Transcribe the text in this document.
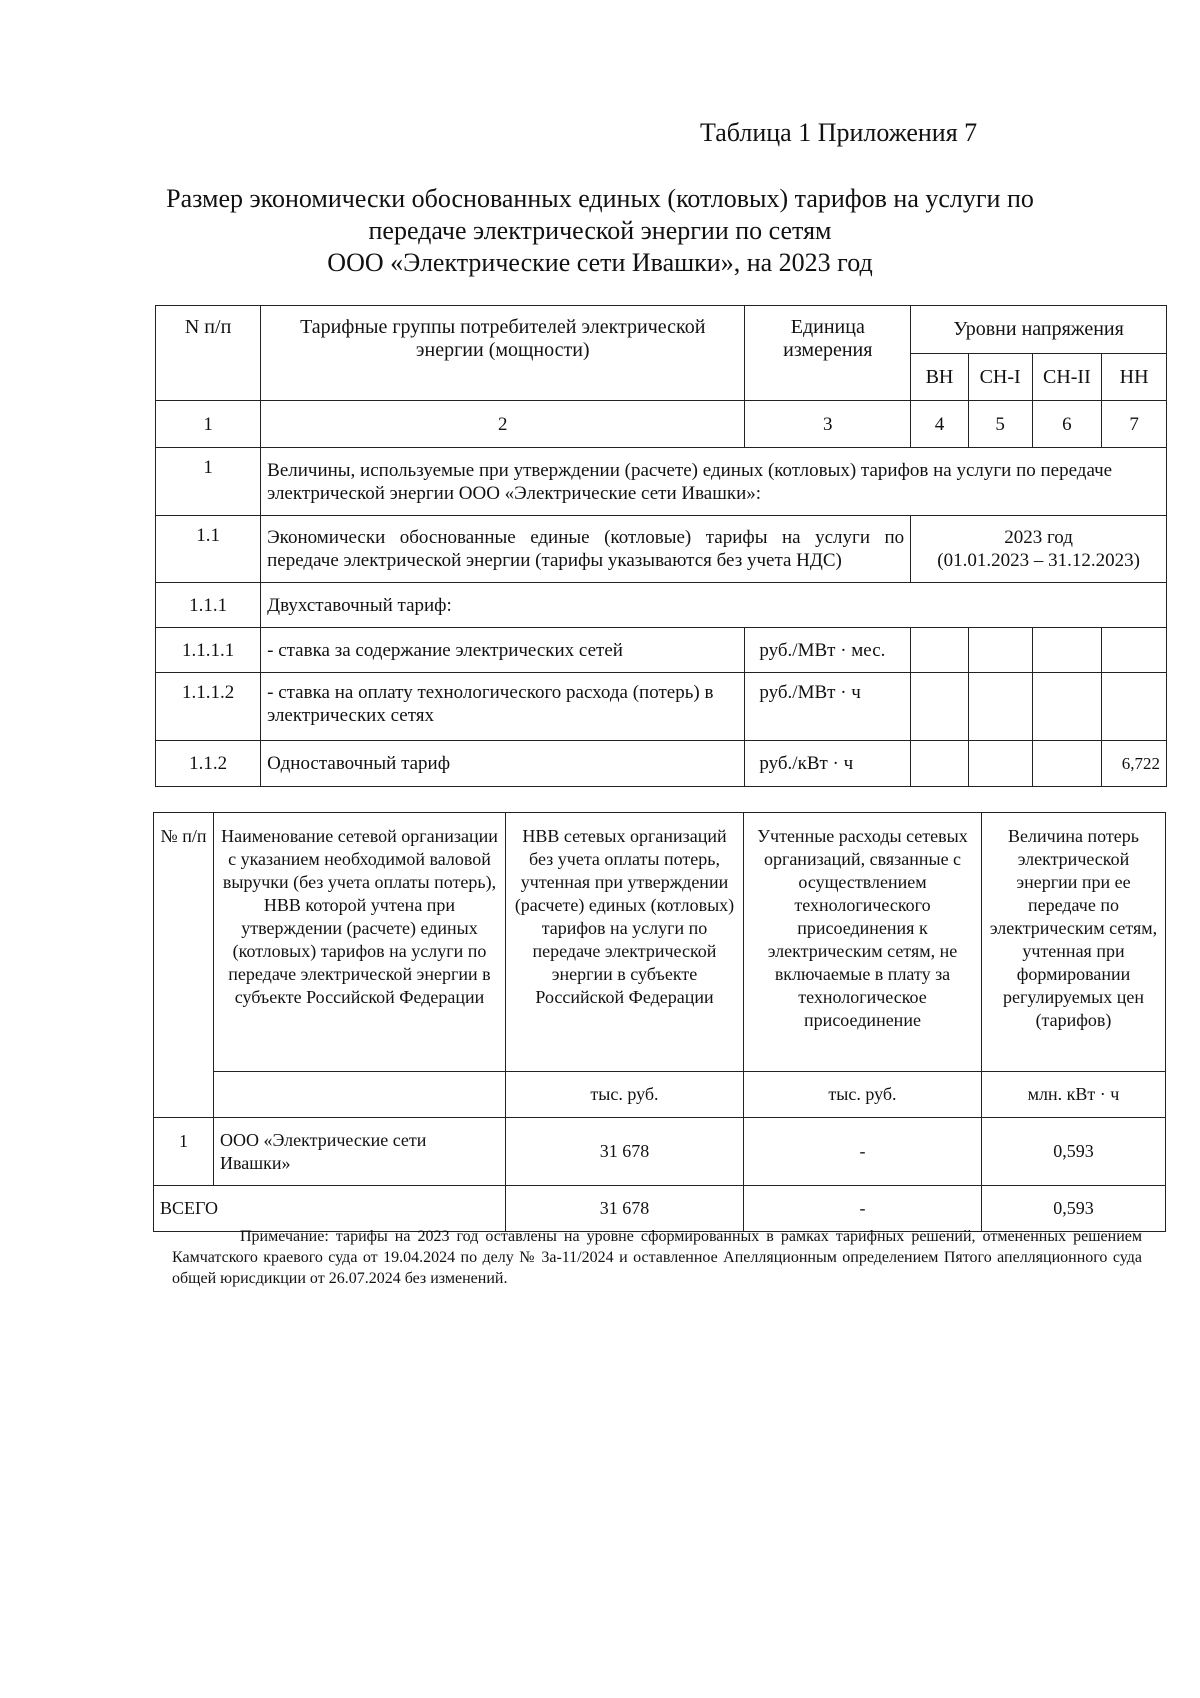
Таблица 1 Приложения 7
Размер экономически обоснованных единых (котловых) тарифов на услуги по
передаче электрической энергии по сетям
ООО «Электрические сети Ивашки», на 2023 год
N п/п	Тарифные группы потребителей электрической энергии (мощности)	Единица измерения	Уровни напряжения			
			ВН	СН-I	СН-II	НН
1	2	3	4	5	6	7
1	Величины, используемые при утверждении (расчете) единых (котловых) тарифов на услуги по передаче электрической энергии ООО «Электрические сети Ивашки»:					
1.1	Экономически обоснованные единые (котловые) тарифы на услуги по передаче электрической энергии (тарифы указываются без учета НДС)		2023 год
(01.01.2023 – 31.12.2023)			

1.1.1	Двухставочный тариф:					
1.1.1.1	- ставка за содержание электрических сетей	руб./МВт · мес.				
1.1.1.2	- ставка на оплату технологического расхода (потерь) в электрических сетях	руб./МВт · ч				
1.1.2	Одноставочный тариф	руб./кВт · ч				6,722
№ п/п	Наименование сетевой организации с указанием необходимой валовой выручки (без учета оплаты потерь), НВВ которой учтена при утверждении (расчете) единых (котловых) тарифов на услуги по передаче электрической энергии в субъекте Российской Федерации	НВВ сетевых организаций без учета оплаты потерь, учтенная при утверждении (расчете) единых (котловых) тарифов на услуги по передаче электрической энергии в субъекте Российской Федерации	Учтенные расходы сетевых организаций, связанные с осуществлением технологического присоединения к электрическим сетям, не включаемые в плату за технологическое присоединение	Величина потерь электрической энергии при ее передаче по электрическим сетям, учтенная при формировании регулируемых цен (тарифов)
		тыс. руб.	тыс. руб.	млн. кВт · ч
1	ООО «Электрические сети Ивашки»	31 678	-	0,593
ВСЕГО		31 678	-	0,593
Примечание: тарифы на 2023 год оставлены на уровне сформированных в рамках тарифных решений, отмененных решением Камчатского краевого суда от 19.04.2024 по делу № 3а-11/2024 и оставленное Апелляционным определением Пятого апелляционного суда общей юрисдикции от 26.07.2024 без изменений.
